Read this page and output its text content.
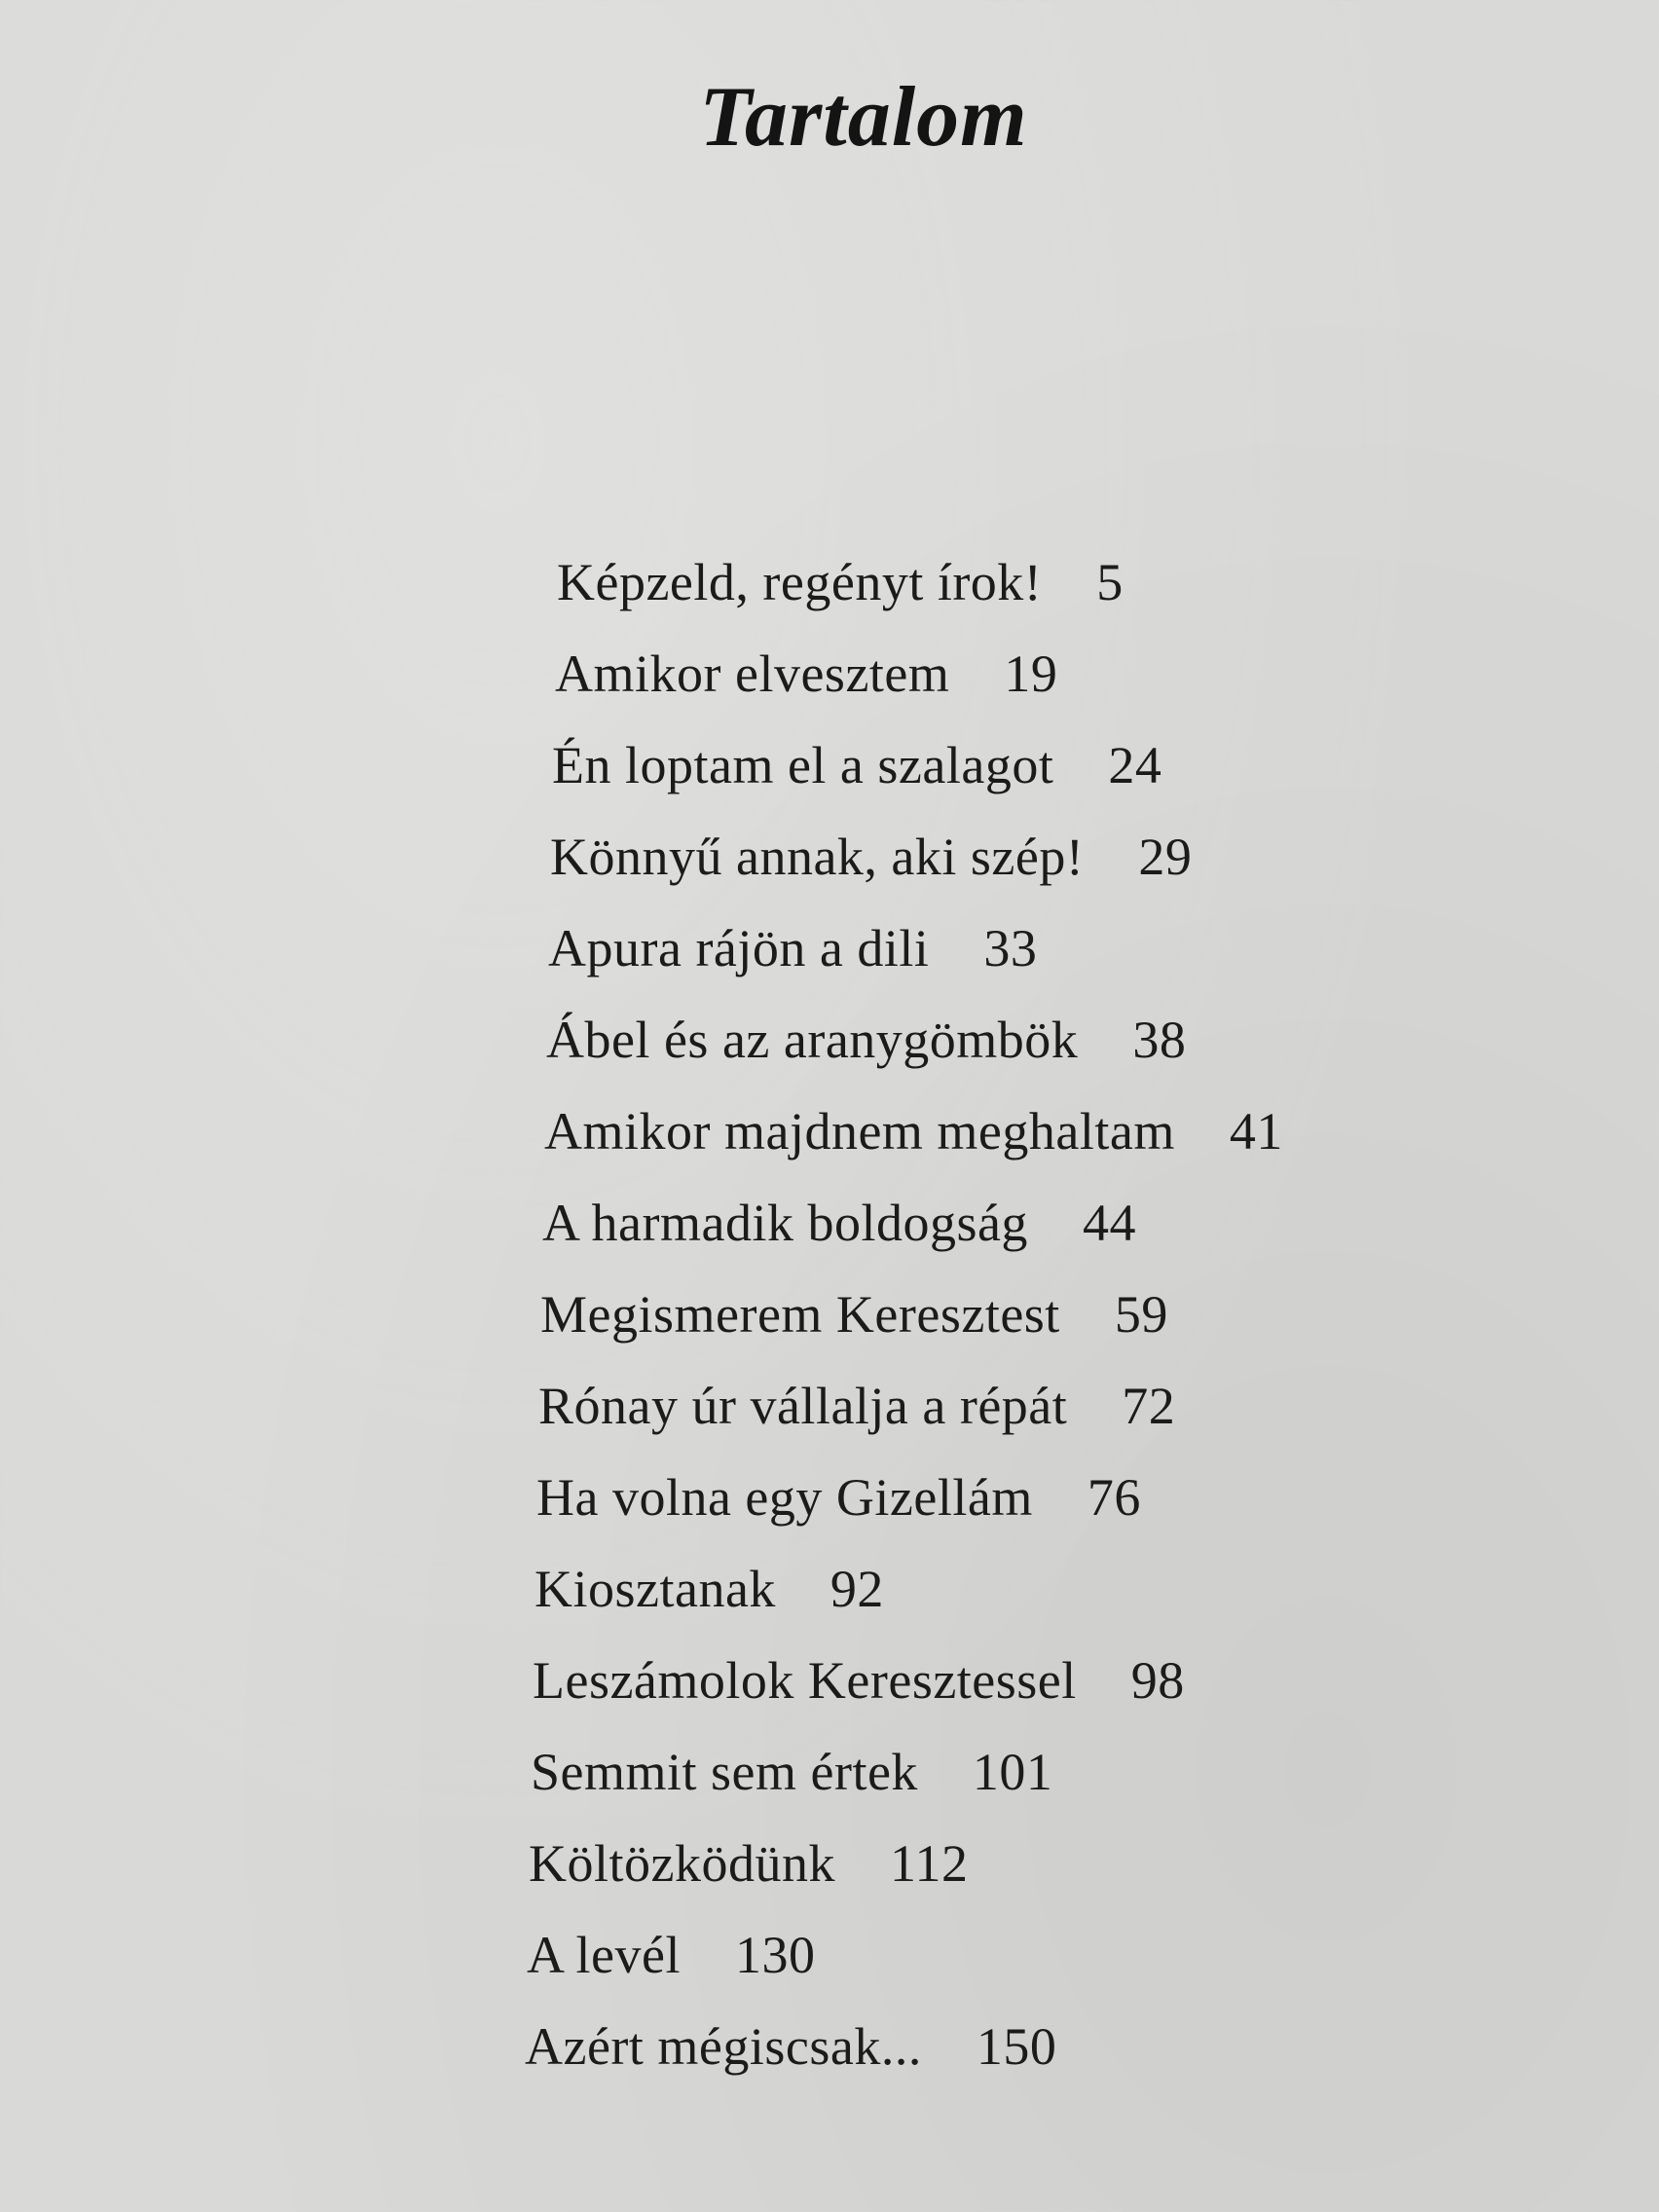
Tartalom
Képzeld, regényt írok! 5
Amikor elvesztem 19
Én loptam el a szalagot 24
Könnyű annak, aki szép! 29
Apura rájön a dili 33
Ábel és az aranygömbök 38
Amikor majdnem meghaltam 41
A harmadik boldogság 44
Megismerem Keresztest 59
Rónay úr vállalja a répát 72
Ha volna egy Gizellám 76
Kiosztanak 92
Leszámolok Keresztessel 98
Semmit sem értek 101
Költözködünk 112
A levél 130
Azért mégiscsak... 150
